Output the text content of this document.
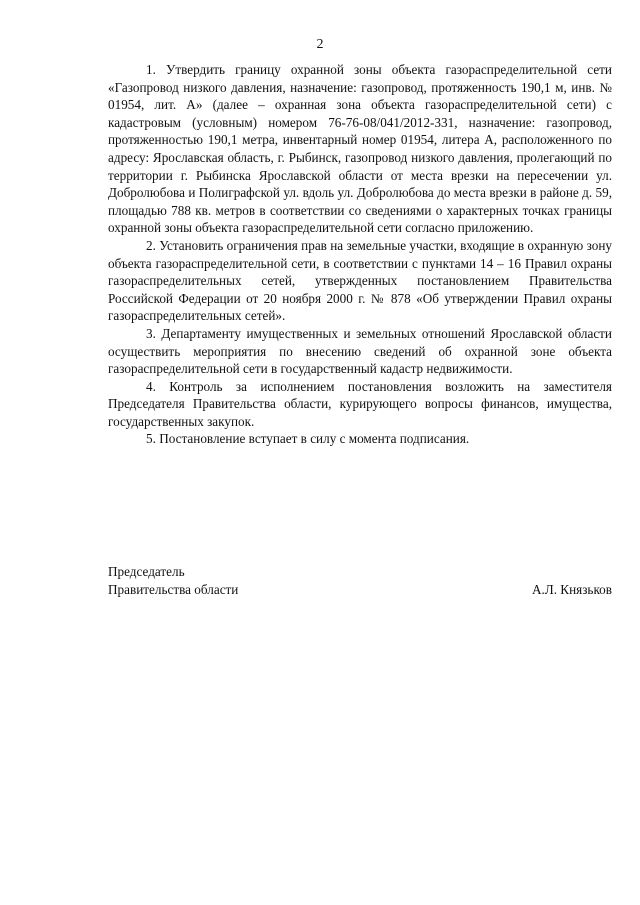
2

1. Утвердить границу охранной зоны объекта газораспределительной сети «Газопровод низкого давления, назначение: газопровод, протяженность 190,1 м, инв. № 01954, лит. А» (далее – охранная зона объекта газораспределительной сети) с кадастровым (условным) номером 76-76-08/041/2012-331, назначение: газопровод, протяженностью 190,1 метра, инвентарный номер 01954, литера А, расположенного по адресу: Ярославская область, г. Рыбинск, газопровод низкого давления, пролегающий по территории г. Рыбинска Ярославской области от места врезки на пересечении ул. Добролюбова и Полиграфской ул. вдоль ул. Добролюбова до места врезки в районе д. 59, площадью 788 кв. метров в соответствии со сведениями о характерных точках границы охранной зоны объекта газораспределительной сети согласно приложению.

2. Установить ограничения прав на земельные участки, входящие в охранную зону объекта газораспределительной сети, в соответствии с пунктами 14 – 16 Правил охраны газораспределительных сетей, утвержденных постановлением Правительства Российской Федерации от 20 ноября 2000 г. № 878 «Об утверждении Правил охраны газораспределительных сетей».

3. Департаменту имущественных и земельных отношений Ярославской области осуществить мероприятия по внесению сведений об охранной зоне объекта газораспределительной сети в государственный кадастр недвижимости.

4. Контроль за исполнением постановления возложить на заместителя Председателя Правительства области, курирующего вопросы финансов, имущества, государственных закупок.

5. Постановление вступает в силу с момента подписания.

Председатель
Правительства области	А.Л. Князьков
